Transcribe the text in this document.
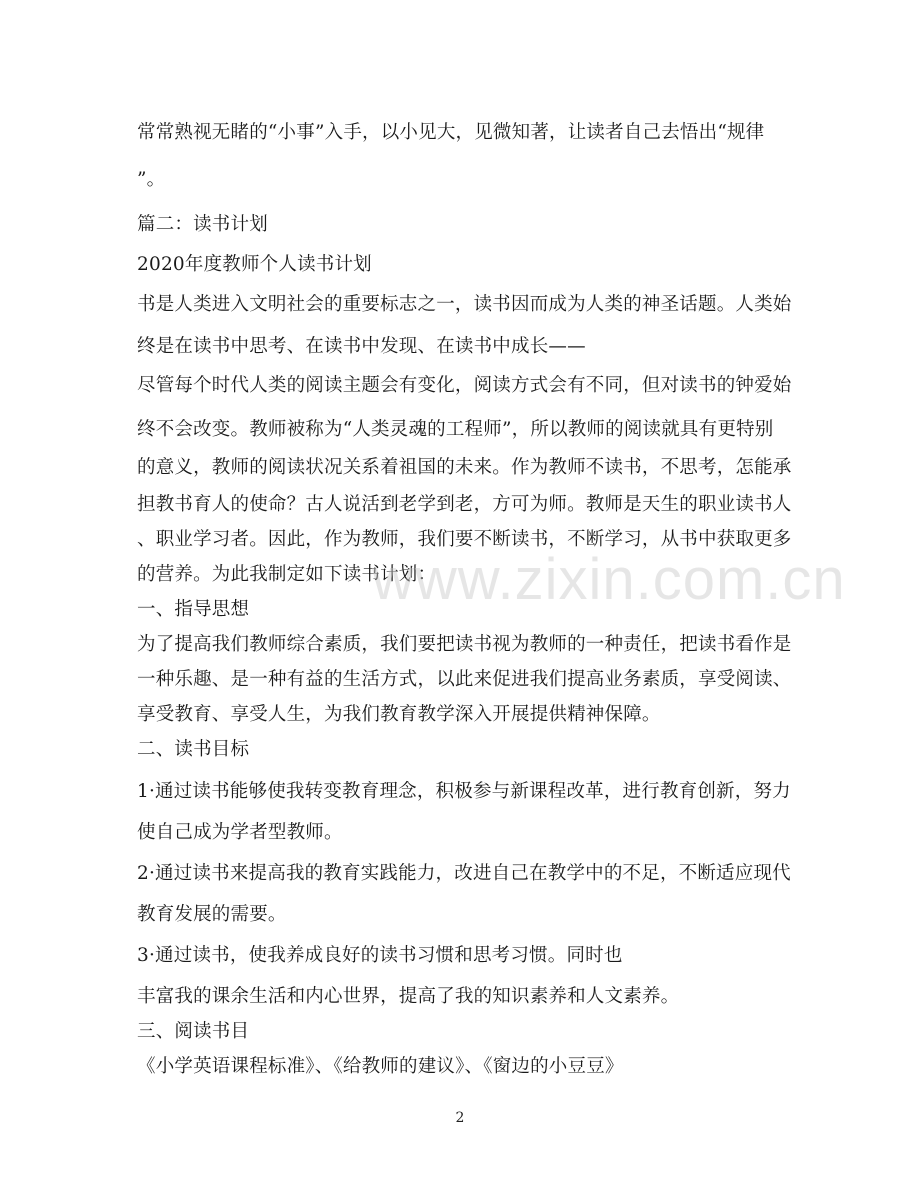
常常熟视无睹的“小事”入手，以小见大，见微知著，让读者自己去悟出“规律
”。
篇二：读书计划
2020年度教师个人读书计划
书是人类进入文明社会的重要标志之一，读书因而成为人类的神圣话题。人类始
终是在读书中思考、在读书中发现、在读书中成长——
尽管每个时代人类的阅读主题会有变化，阅读方式会有不同，但对读书的钟爱始
终不会改变。教师被称为“人类灵魂的工程师”，所以教师的阅读就具有更特别
的意义，教师的阅读状况关系着祖国的未来。作为教师不读书，不思考，怎能承
担教书育人的使命？古人说活到老学到老，方可为师。教师是天生的职业读书人
、职业学习者。因此，作为教师，我们要不断读书，不断学习，从书中获取更多
的营养。为此我制定如下读书计划：
一、指导思想
为了提高我们教师综合素质，我们要把读书视为教师的一种责任，把读书看作是
一种乐趣、是一种有益的生活方式，以此来促进我们提高业务素质，享受阅读、
享受教育、享受人生，为我们教育教学深入开展提供精神保障。
二、读书目标
1·通过读书能够使我转变教育理念，积极参与新课程改革，进行教育创新，努力
使自己成为学者型教师。
2·通过读书来提高我的教育实践能力，改进自己在教学中的不足，不断适应现代
教育发展的需要。
3·通过读书，使我养成良好的读书习惯和思考习惯。同时也
丰富我的课余生活和内心世界，提高了我的知识素养和人文素养。
三、阅读书目
《小学英语课程标准》、《给教师的建议》、《窗边的小豆豆》
www.zixin.com.cn
2
